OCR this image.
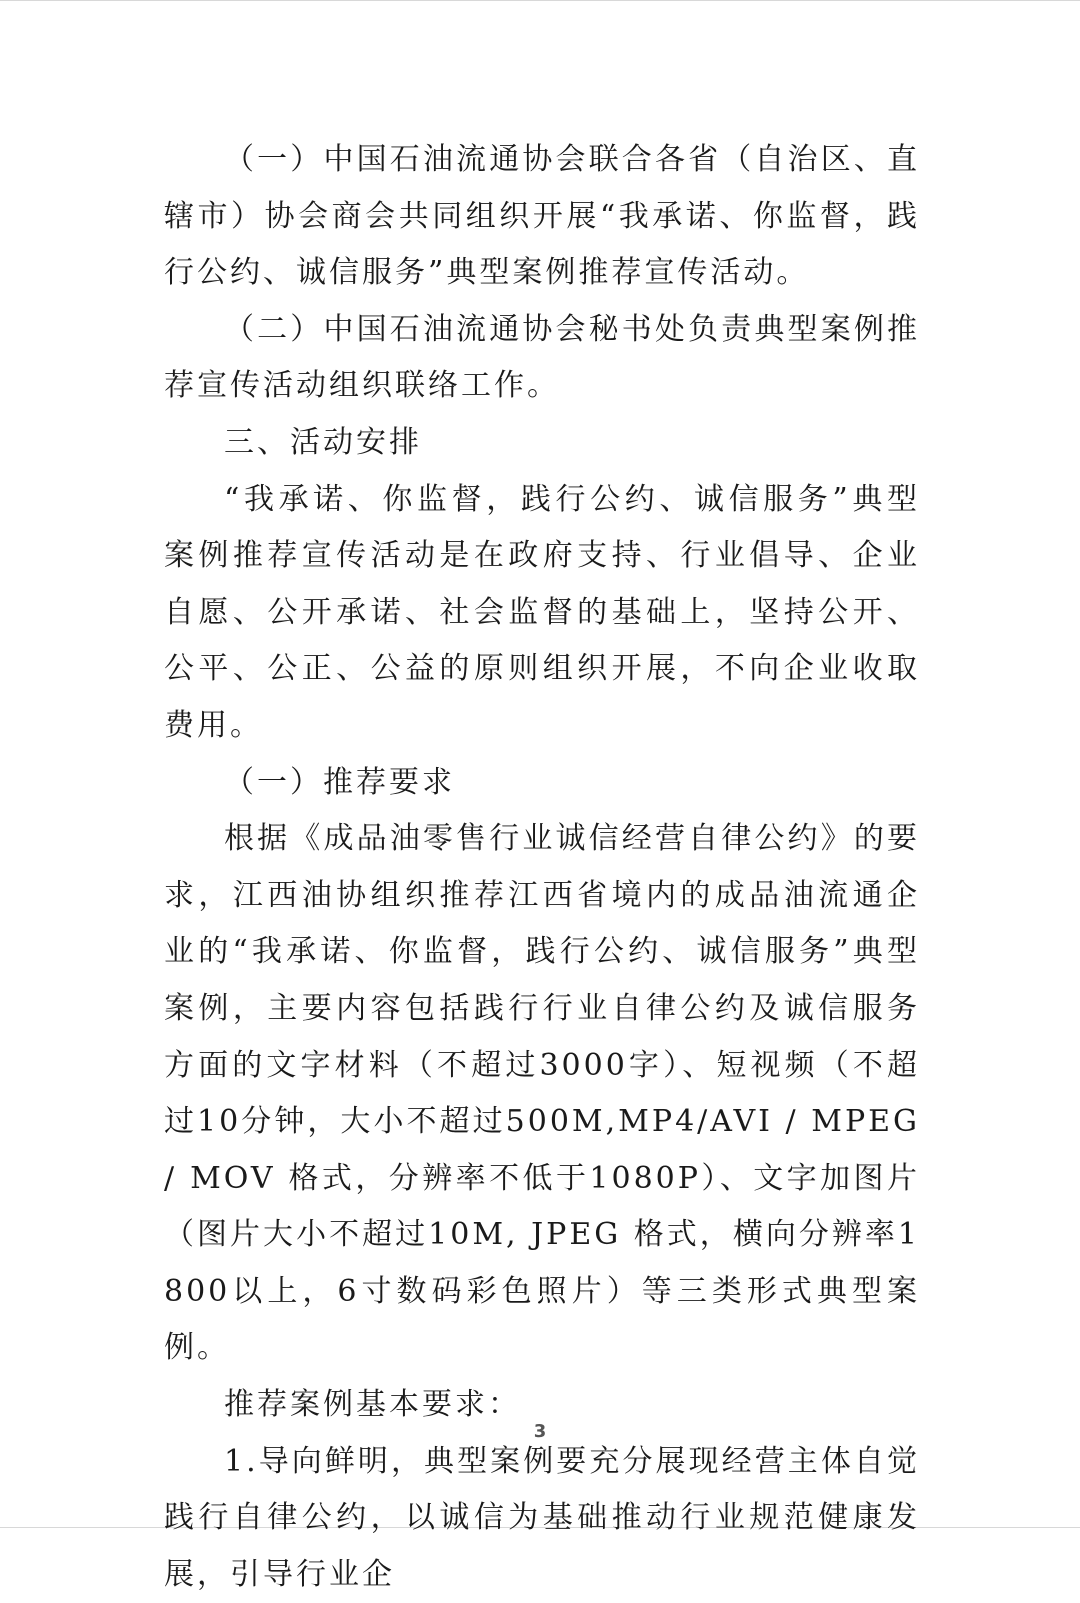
（一）中国石油流通协会联合各省（自治区、直辖市）协会商会共同组织开展“我承诺、你监督，践行公约、诚信服务”典型案例推荐宣传活动。

（二）中国石油流通协会秘书处负责典型案例推荐宣传活动组织联络工作。

三、活动安排

“我承诺、你监督，践行公约、诚信服务”典型案例推荐宣传活动是在政府支持、行业倡导、企业自愿、公开承诺、社会监督的基础上，坚持公开、公平、公正、公益的原则组织开展，不向企业收取费用。

（一）推荐要求

根据《成品油零售行业诚信经营自律公约》的要求，江西油协组织推荐江西省境内的成品油流通企业的“我承诺、你监督，践行公约、诚信服务”典型案例，主要内容包括践行行业自律公约及诚信服务方面的文字材料（不超过3000字）、短视频（不超过10分钟，大小不超过500M,MP4/AVI / MPEG / MOV 格式，分辨率不低于1080P）、文字加图片（图片大小不超过10M, JPEG 格式，横向分辨率1800以上，6寸数码彩色照片）等三类形式典型案例。

推荐案例基本要求：

1.导向鲜明，典型案例要充分展现经营主体自觉践行自律公约，以诚信为基础推动行业规范健康发展，引导行业企

3
